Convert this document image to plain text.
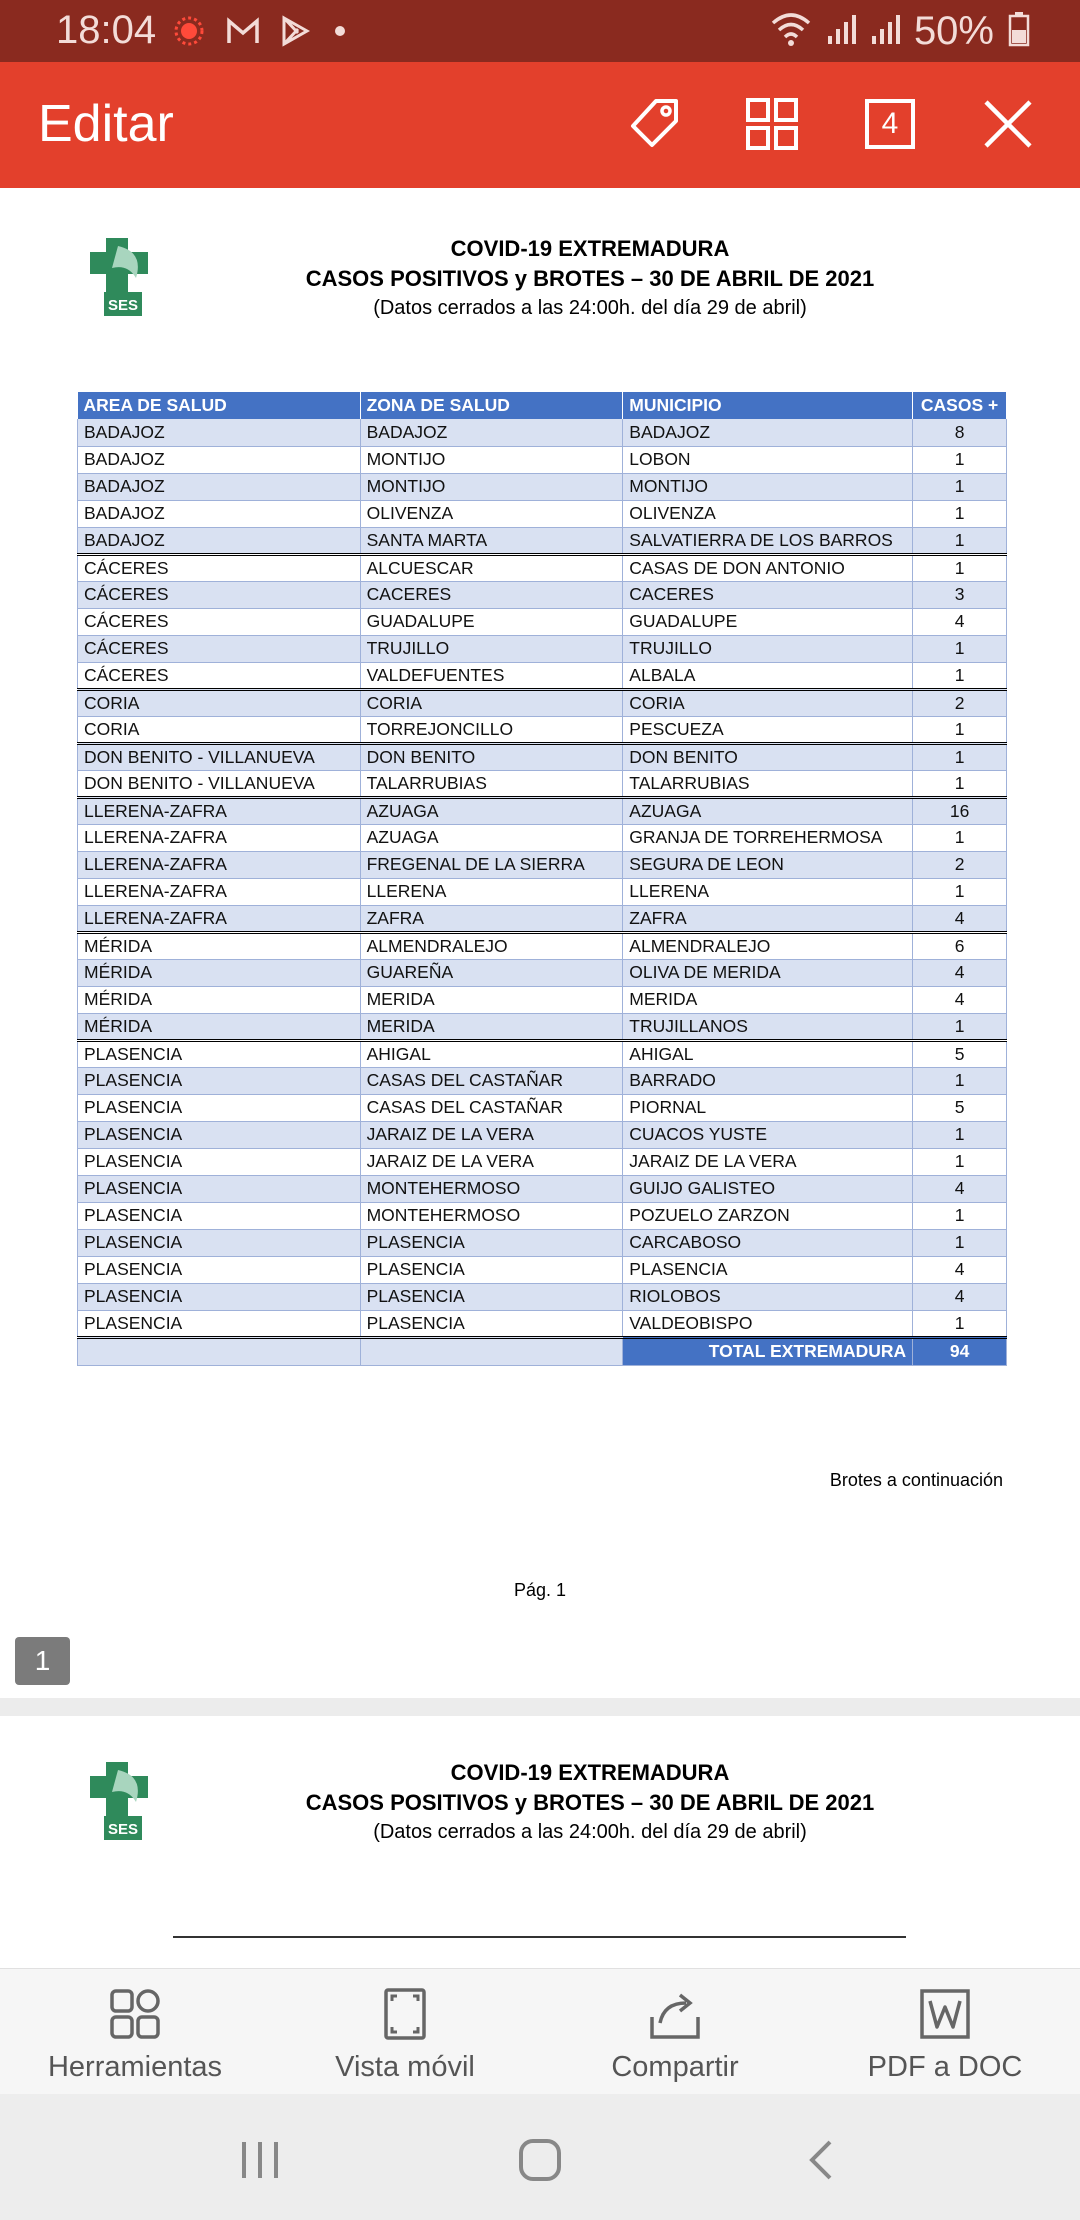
18:04	50%
Editar	4
SES
COVID-19 EXTREMADURA
CASOS POSITIVOS y BROTES – 30 DE ABRIL DE 2021
(Datos cerrados a las 24:00h. del día 29 de abril)
AREA DE SALUD	ZONA DE SALUD	MUNICIPIO	CASOS +
BADAJOZ	BADAJOZ	BADAJOZ	8
BADAJOZ	MONTIJO	LOBON	1
BADAJOZ	MONTIJO	MONTIJO	1
BADAJOZ	OLIVENZA	OLIVENZA	1
BADAJOZ	SANTA MARTA	SALVATIERRA DE LOS BARROS	1
CÁCERES	ALCUESCAR	CASAS DE DON ANTONIO	1
CÁCERES	CACERES	CACERES	3
CÁCERES	GUADALUPE	GUADALUPE	4
CÁCERES	TRUJILLO	TRUJILLO	1
CÁCERES	VALDEFUENTES	ALBALA	1
CORIA	CORIA	CORIA	2
CORIA	TORREJONCILLO	PESCUEZA	1
DON BENITO - VILLANUEVA	DON BENITO	DON BENITO	1
DON BENITO - VILLANUEVA	TALARRUBIAS	TALARRUBIAS	1
LLERENA-ZAFRA	AZUAGA	AZUAGA	16
LLERENA-ZAFRA	AZUAGA	GRANJA DE TORREHERMOSA	1
LLERENA-ZAFRA	FREGENAL DE LA SIERRA	SEGURA DE LEON	2
LLERENA-ZAFRA	LLERENA	LLERENA	1
LLERENA-ZAFRA	ZAFRA	ZAFRA	4
MÉRIDA	ALMENDRALEJO	ALMENDRALEJO	6
MÉRIDA	GUAREÑA	OLIVA DE MERIDA	4
MÉRIDA	MERIDA	MERIDA	4
MÉRIDA	MERIDA	TRUJILLANOS	1
PLASENCIA	AHIGAL	AHIGAL	5
PLASENCIA	CASAS DEL CASTAÑAR	BARRADO	1
PLASENCIA	CASAS DEL CASTAÑAR	PIORNAL	5
PLASENCIA	JARAIZ DE LA VERA	CUACOS YUSTE	1
PLASENCIA	JARAIZ DE LA VERA	JARAIZ DE LA VERA	1
PLASENCIA	MONTEHERMOSO	GUIJO GALISTEO	4
PLASENCIA	MONTEHERMOSO	POZUELO ZARZON	1
PLASENCIA	PLASENCIA	CARCABOSO	1
PLASENCIA	PLASENCIA	PLASENCIA	4
PLASENCIA	PLASENCIA	RIOLOBOS	4
PLASENCIA	PLASENCIA	VALDEOBISPO	1
		TOTAL EXTREMADURA	94
Brotes a continuación
Pág. 1
1
SES
COVID-19 EXTREMADURA
CASOS POSITIVOS y BROTES – 30 DE ABRIL DE 2021
(Datos cerrados a las 24:00h. del día 29 de abril)
Herramientas	Vista móvil	Compartir	PDF a DOC
